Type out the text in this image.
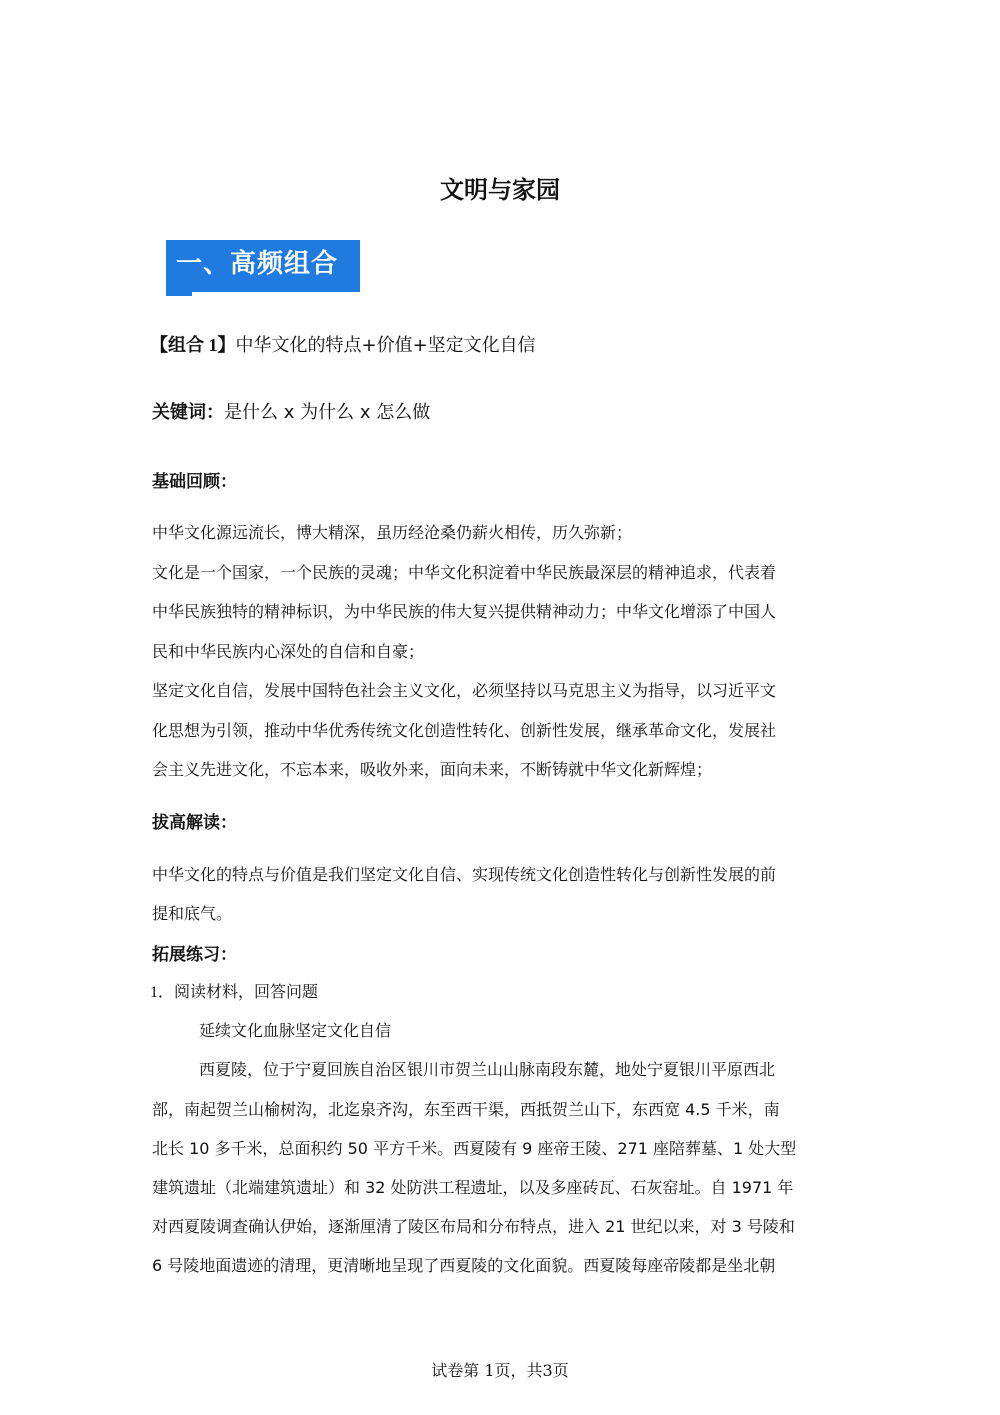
文明与家园
一、高频组合
【组合 1】中华文化的特点+价值+坚定文化自信
关键词：是什么 x 为什么 x 怎么做
基础回顾：
中华文化源远流长，博大精深，虽历经沧桑仍薪火相传，历久弥新；
文化是一个国家，一个民族的灵魂；中华文化积淀着中华民族最深层的精神追求，代表着
中华民族独特的精神标识，为中华民族的伟大复兴提供精神动力；中华文化增添了中国人
民和中华民族内心深处的自信和自豪；
坚定文化自信，发展中国特色社会主义文化，必须坚持以马克思主义为指导，以习近平文
化思想为引领，推动中华优秀传统文化创造性转化、创新性发展，继承革命文化，发展社
会主义先进文化，不忘本来，吸收外来，面向未来，不断铸就中华文化新辉煌；
拔高解读：
中华文化的特点与价值是我们坚定文化自信、实现传统文化创造性转化与创新性发展的前
提和底气。
拓展练习：
1．阅读材料，回答问题
延续文化血脉坚定文化自信
西夏陵，位于宁夏回族自治区银川市贺兰山山脉南段东麓，地处宁夏银川平原西北
部，南起贺兰山榆树沟，北迄泉齐沟，东至西干渠，西抵贺兰山下，东西宽 4.5 千米，南
北长 10 多千米，总面积约 50 平方千米。西夏陵有 9 座帝王陵、271 座陪葬墓、1 处大型
建筑遗址（北端建筑遗址）和 32 处防洪工程遗址，以及多座砖瓦、石灰窑址。自 1971 年
对西夏陵调查确认伊始，逐渐厘清了陵区布局和分布特点，进入 21 世纪以来，对 3 号陵和
6 号陵地面遗迹的清理，更清晰地呈现了西夏陵的文化面貌。西夏陵每座帝陵都是坐北朝
试卷第 1页，共3页
